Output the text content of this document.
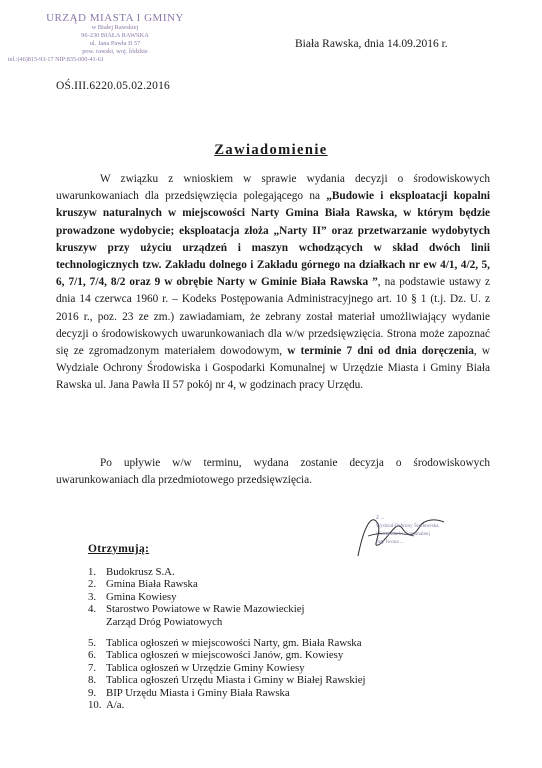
URZĄD MIASTA I GMINY
w Białej Rawskiej
96-230 BIAŁA RAWSKA
ul. Jana Pawła II 57
pow. rawski, woj. łódzkie
tel.:(46)815-93-17 NIP:835-000-41-61
OŚ.III.6220.05.02.2016
Biała Rawska, dnia 14.09.2016 r.
Zawiadomienie
W związku z wnioskiem w sprawie wydania decyzji o środowiskowych uwarunkowaniach dla przedsięwzięcia polegającego na „Budowie i eksploatacji kopalni kruszyw naturalnych w miejscowości Narty Gmina Biała Rawska, w którym będzie prowadzone wydobycie; eksploatacja złoża „Narty II” oraz przetwarzanie wydobytych kruszyw przy użyciu urządzeń i maszyn wchodzących w skład dwóch linii technologicznych tzw. Zakładu dolnego i Zakładu górnego na działkach nr ew 4/1, 4/2, 5, 6, 7/1, 7/4, 8/2 oraz 9 w obrębie Narty w Gminie Biała Rawska ”, na podstawie ustawy z dnia 14 czerwca 1960 r. – Kodeks Postępowania Administracyjnego art. 10 § 1 (t.j. Dz. U. z 2016 r., poz. 23 ze zm.) zawiadamiam, że zebrany został materiał umożliwiający wydanie decyzji o środowiskowych uwarunkowaniach dla w/w przedsięwzięcia. Strona może zapoznać się ze zgromadzonym materiałem dowodowym, w terminie 7 dni od dnia doręczenia, w Wydziale Ochrony Środowiska i Gospodarki Komunalnej w Urzędzie Miasta i Gminy Biała Rawska ul. Jana Pawła II 57 pokój nr 4, w godzinach pracy Urzędu.
Po upływie w/w terminu, wydana zostanie decyzja o środowiskowych uwarunkowaniach dla przedmiotowego przedsięwzięcia.
Z ...
Wydział Ochrony Środowiska
i Gospodarki Komunalnej
mgr Iwona ...
Otrzymują:
1. Budokrusz S.A.
2. Gmina Biała Rawska
3. Gmina Kowiesy
4. Starostwo Powiatowe w Rawie Mazowieckiej
Zarząd Dróg Powiatowych
5. Tablica ogłoszeń w miejscowości Narty, gm. Biała Rawska
6. Tablica ogłoszeń w miejscowości Janów, gm. Kowiesy
7. Tablica ogłoszeń w Urzędzie Gminy Kowiesy
8. Tablica ogłoszeń Urzędu Miasta i Gminy w Białej Rawskiej
9. BIP Urzędu Miasta i Gminy Biała Rawska
10. A/a.
